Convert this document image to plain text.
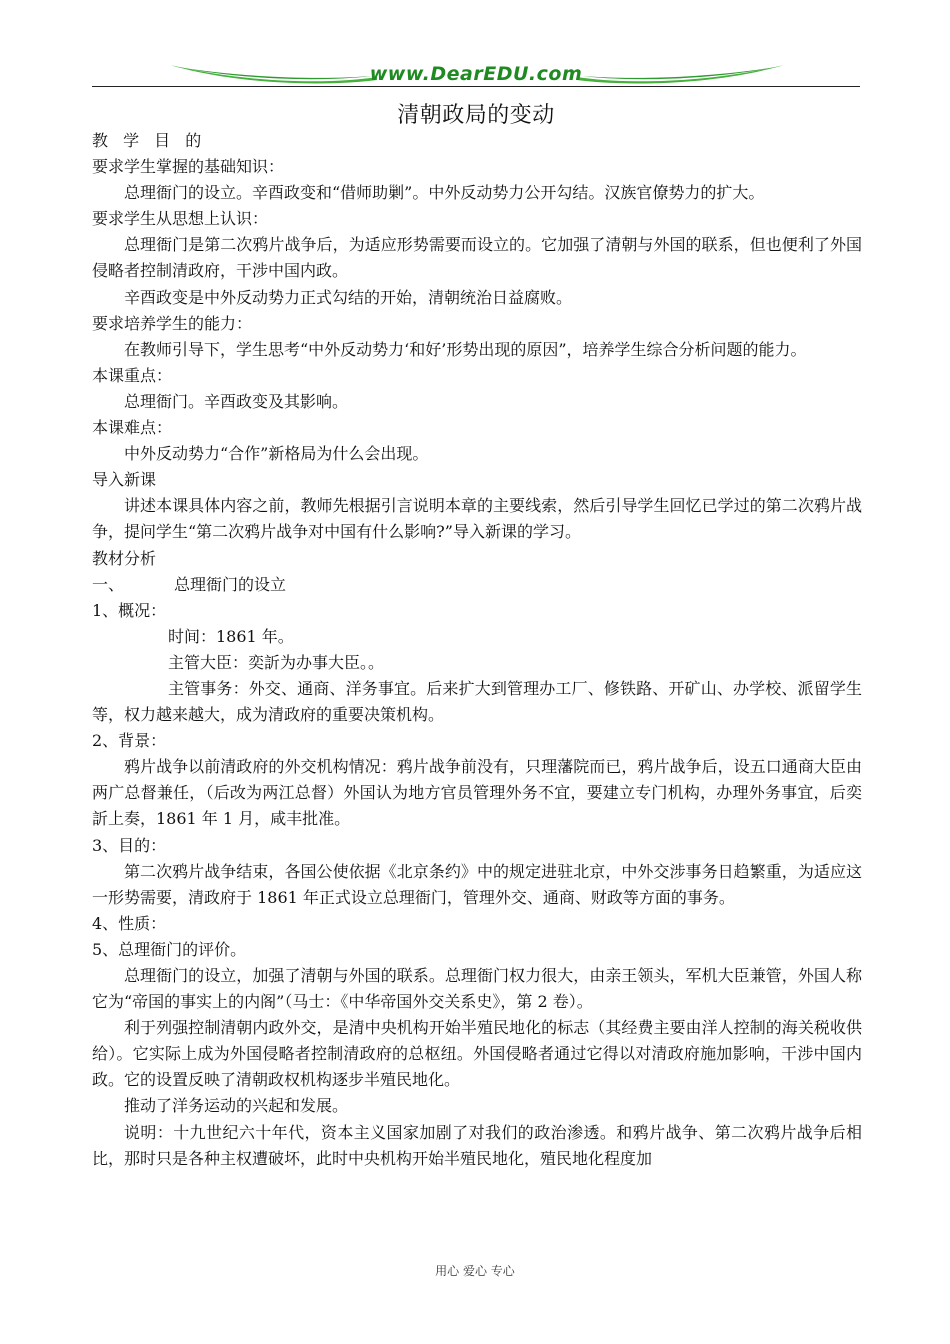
www.DearEDU.com
清朝政局的变动
教 学 目 的
要求学生掌握的基础知识：
总理衙门的设立。辛酉政变和“借师助剿”。中外反动势力公开勾结。汉族官僚势力的扩大。
要求学生从思想上认识：
总理衙门是第二次鸦片战争后，为适应形势需要而设立的。它加强了清朝与外国的联系，但也便利了外国侵略者控制清政府，干涉中国内政。
辛酉政变是中外反动势力正式勾结的开始，清朝统治日益腐败。
要求培养学生的能力：
在教师引导下，学生思考“中外反动势力‘和好’形势出现的原因”，培养学生综合分析问题的能力。
本课重点：
总理衙门。辛酉政变及其影响。
本课难点：
中外反动势力“合作”新格局为什么会出现。
导入新课
讲述本课具体内容之前，教师先根据引言说明本章的主要线索，然后引导学生回忆已学过的第二次鸦片战争，提问学生“第二次鸦片战争对中国有什么影响?”导入新课的学习。
教材分析
一、	总理衙门的设立
1、概况：
时间：1861 年。
主管大臣：奕訢为办事大臣。。
主管事务：外交、通商、洋务事宜。后来扩大到管理办工厂、修铁路、开矿山、办学校、派留学生等，权力越来越大，成为清政府的重要决策机构。
2、背景：
鸦片战争以前清政府的外交机构情况：鸦片战争前没有，只理藩院而已，鸦片战争后，设五口通商大臣由两广总督兼任，（后改为两江总督）外国认为地方官员管理外务不宜，要建立专门机构，办理外务事宜，后奕訢上奏，1861 年 1 月，咸丰批准。
3、目的：
第二次鸦片战争结束，各国公使依据《北京条约》中的规定进驻北京，中外交涉事务日趋繁重，为适应这一形势需要，清政府于 1861 年正式设立总理衙门，管理外交、通商、财政等方面的事务。
4、性质：
5、总理衙门的评价。
总理衙门的设立，加强了清朝与外国的联系。总理衙门权力很大，由亲王领头，军机大臣兼管，外国人称它为“帝国的事实上的内阁”（马士：《中华帝国外交关系史》，第 2 卷）。
利于列强控制清朝内政外交，是清中央机构开始半殖民地化的标志（其经费主要由洋人控制的海关税收供给）。它实际上成为外国侵略者控制清政府的总枢纽。外国侵略者通过它得以对清政府施加影响，干涉中国内政。它的设置反映了清朝政权机构逐步半殖民地化。
推动了洋务运动的兴起和发展。
说明：十九世纪六十年代，资本主义国家加剧了对我们的政治渗透。和鸦片战争、第二次鸦片战争后相比，那时只是各种主权遭破坏，此时中央机构开始半殖民地化，殖民地化程度加
用心 爱心 专心
